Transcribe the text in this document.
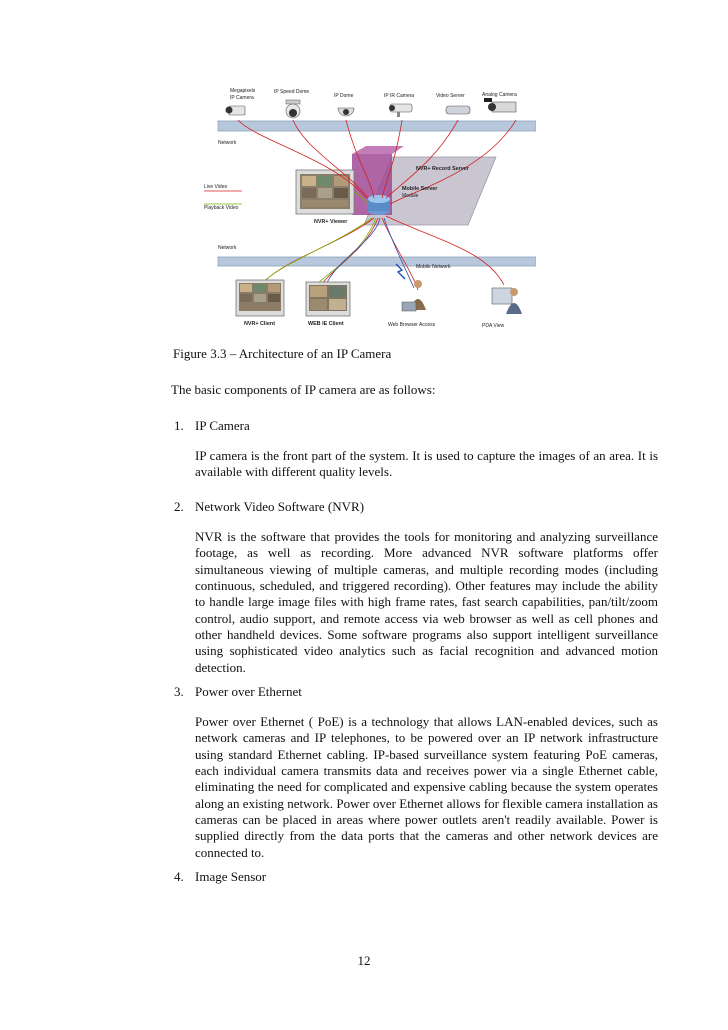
Megapixels
IP Camera
IP Speed Dome
IP Dome	IP IR Camera	Video Server	Analog Camera
Network
NVR+ Record Server
Live Video
Playback Video
Mobile Server
Module
NVR+ Viewer
Network
Mobile Network
NVR+ Client	WEB IE Client	Web Browser Access	PDA View
Figure 3.3 – Architecture of an IP Camera
The basic components of IP camera are as follows:
1. IP Camera

IP camera is the front part of the system. It is used to capture the images of an area. It is available with different quality levels.

2. Network Video Software (NVR)

NVR is the software that provides the tools for monitoring and analyzing surveillance footage, as well as recording. More advanced NVR software platforms offer simultaneous viewing of multiple cameras, and multiple recording modes (including continuous, scheduled, and triggered recording). Other features may include the ability to handle large image files with high frame rates, fast search capabilities, pan/tilt/zoom control, audio support, and remote access via web browser as well as cell phones and other handheld devices. Some software programs also support intelligent surveillance using sophisticated video analytics such as facial recognition and advanced motion detection.

3. Power over Ethernet

Power over Ethernet ( PoE) is a technology that allows LAN-enabled devices, such as network cameras and IP telephones, to be powered over an IP network infrastructure using standard Ethernet cabling. IP-based surveillance system featuring PoE cameras, each individual camera transmits data and receives power via a single Ethernet cable, eliminating the need for complicated and expensive cabling because the system operates along an existing network. Power over Ethernet allows for flexible camera installation as cameras can be placed in areas where power outlets aren't readily available. Power is supplied directly from the data ports that the cameras and other network devices are connected to.

4. Image Sensor
12
